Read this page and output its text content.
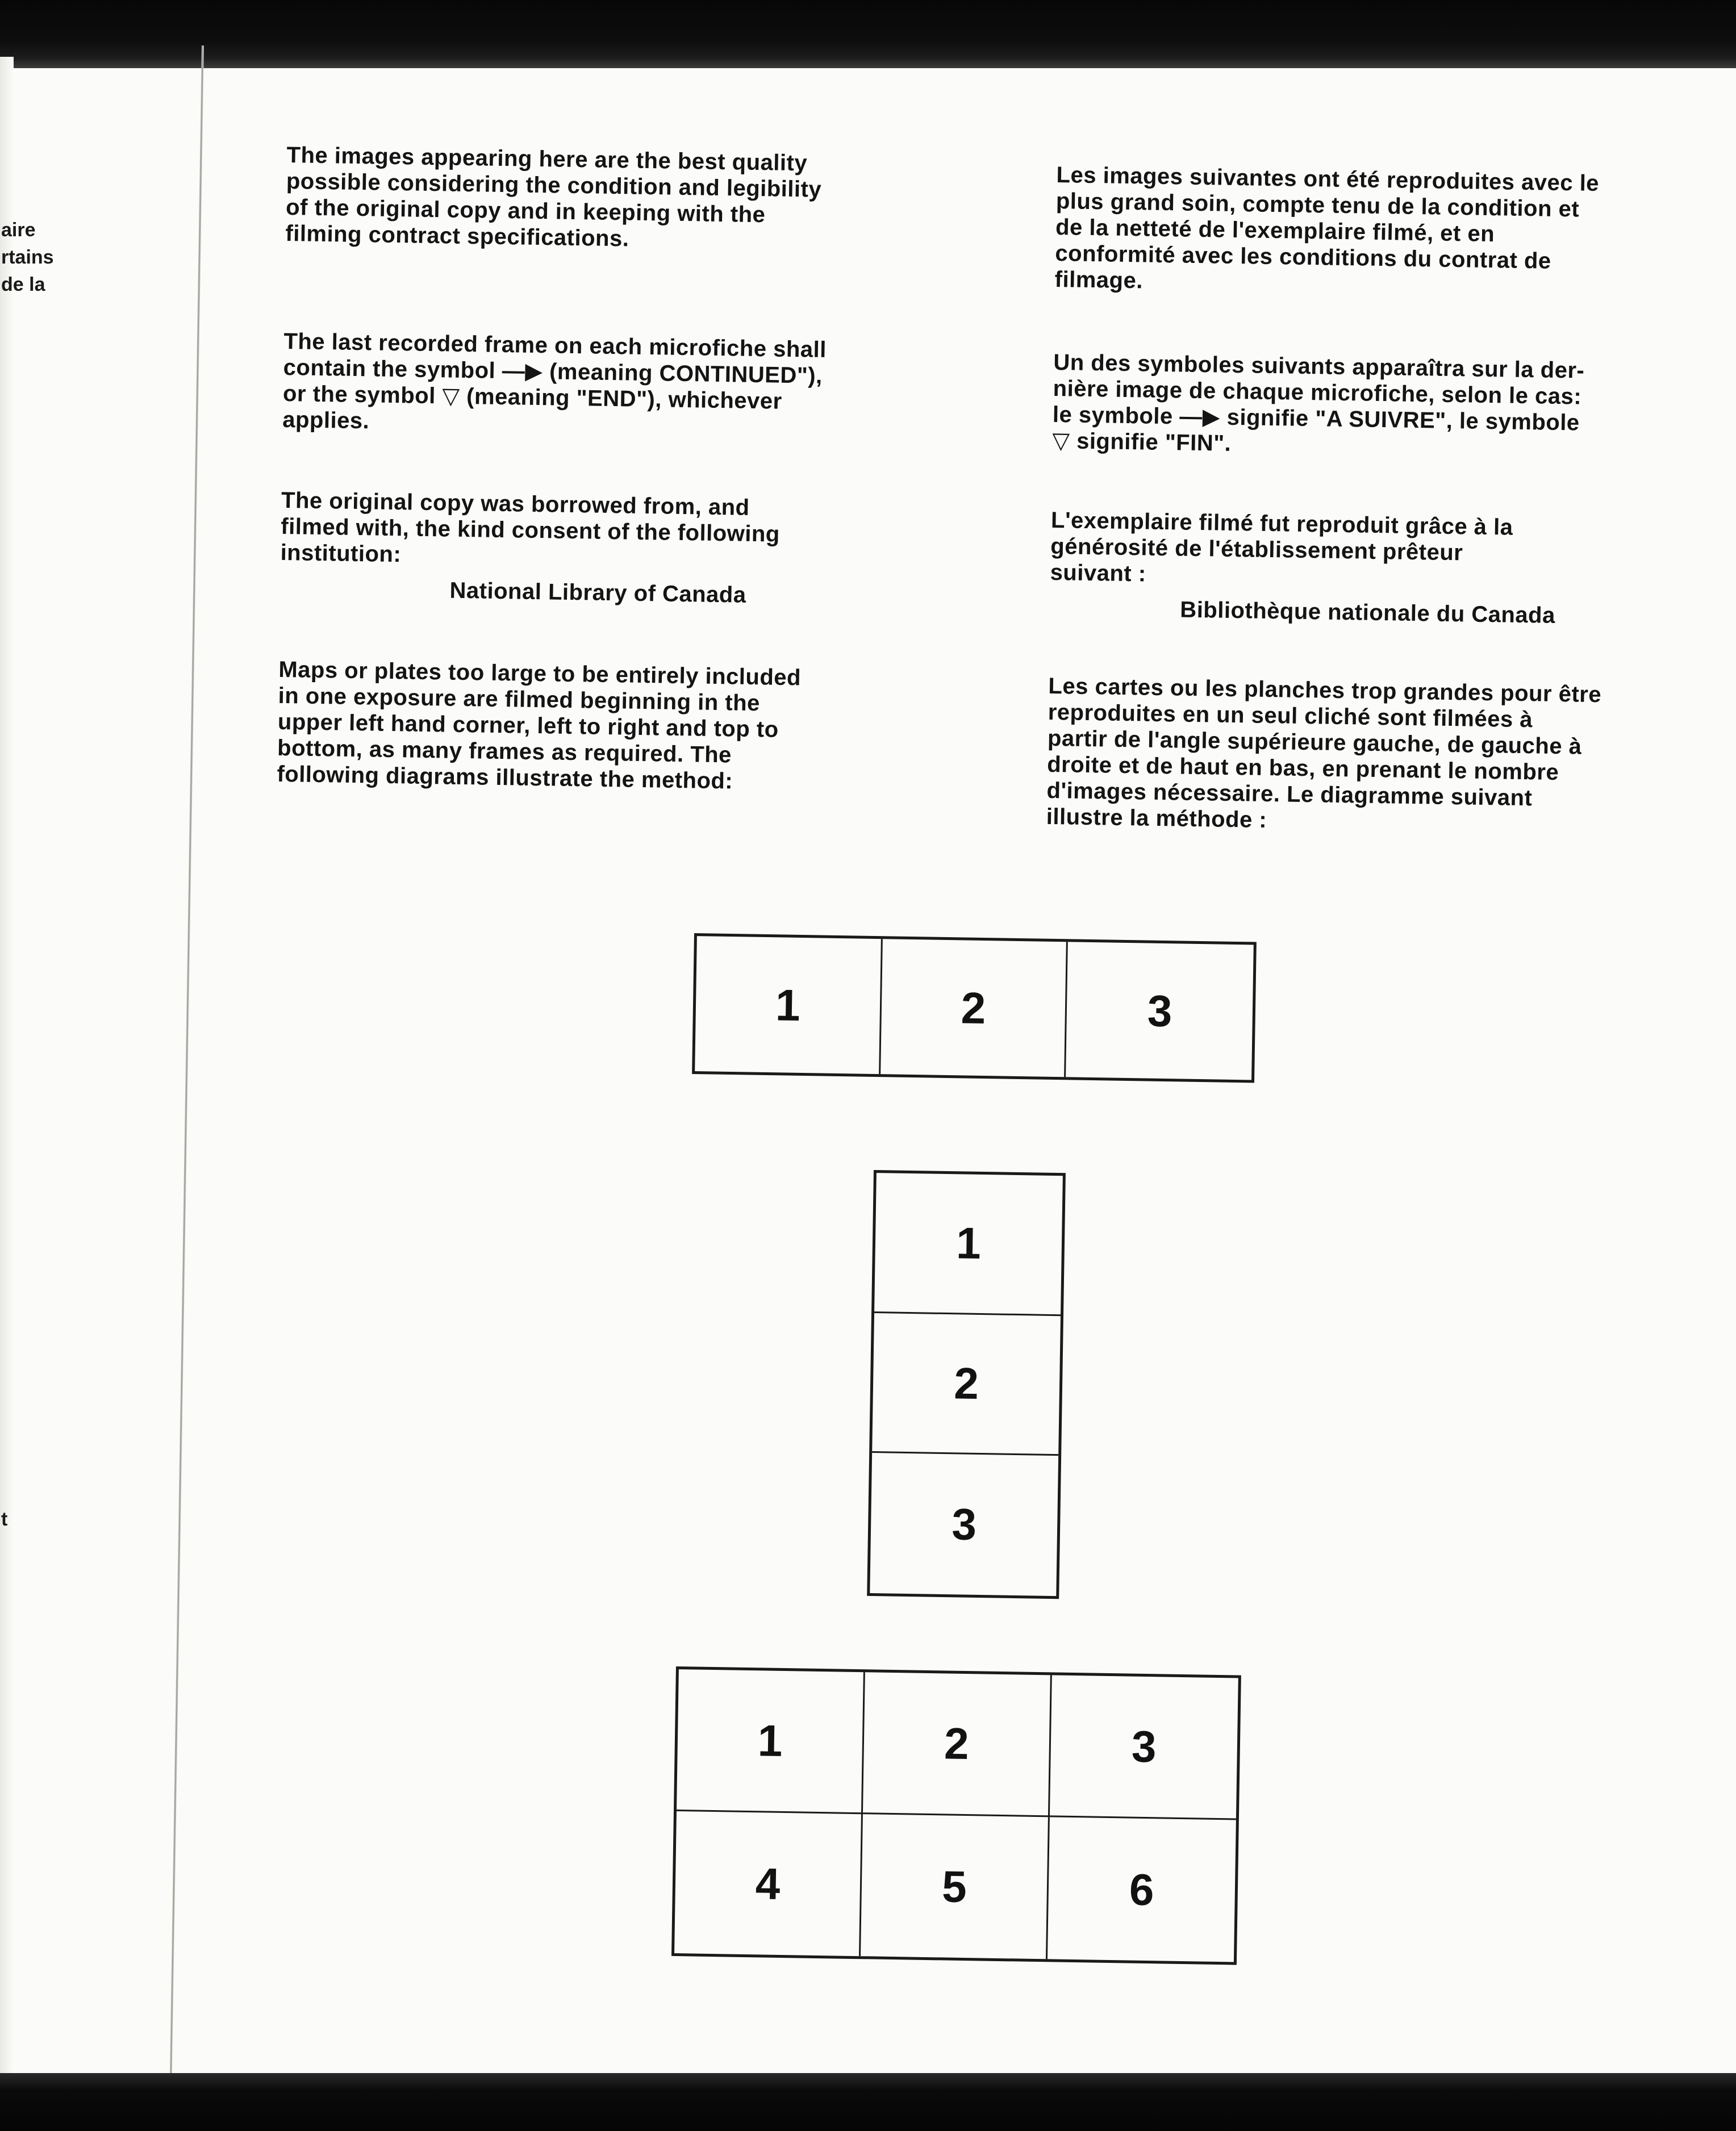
aire
rtains
de la
t

The images appearing here are the best quality
possible considering the condition and legibility
of the original copy and in keeping with the
filming contract specifications.

The last recorded frame on each microfiche shall
contain the symbol —▶ (meaning CONTINUED"),
or the symbol ▽ (meaning "END"), whichever
applies.

The original copy was borrowed from, and
filmed with, the kind consent of the following
institution:

National Library of Canada

Maps or plates too large to be entirely included
in one exposure are filmed beginning in the
upper left hand corner, left to right and top to
bottom, as many frames as required. The
following diagrams illustrate the method:

Les images suivantes ont été reproduites avec le
plus grand soin, compte tenu de la condition et
de la netteté de l'exemplaire filmé, et en
conformité avec les conditions du contrat de
filmage.

Un des symboles suivants apparaîtra sur la der-
nière image de chaque microfiche, selon le cas:
le symbole —▶ signifie "A SUIVRE", le symbole
▽ signifie "FIN".

L'exemplaire filmé fut reproduit grâce à la
générosité de l'établissement prêteur
suivant :

Bibliothèque nationale du Canada

Les cartes ou les planches trop grandes pour être
reproduites en un seul cliché sont filmées à
partir de l'angle supérieure gauche, de gauche à
droite et de haut en bas, en prenant le nombre
d'images nécessaire. Le diagramme suivant
illustre la méthode :

1	2	3
1
2
3
1	2	3
4	5	6
